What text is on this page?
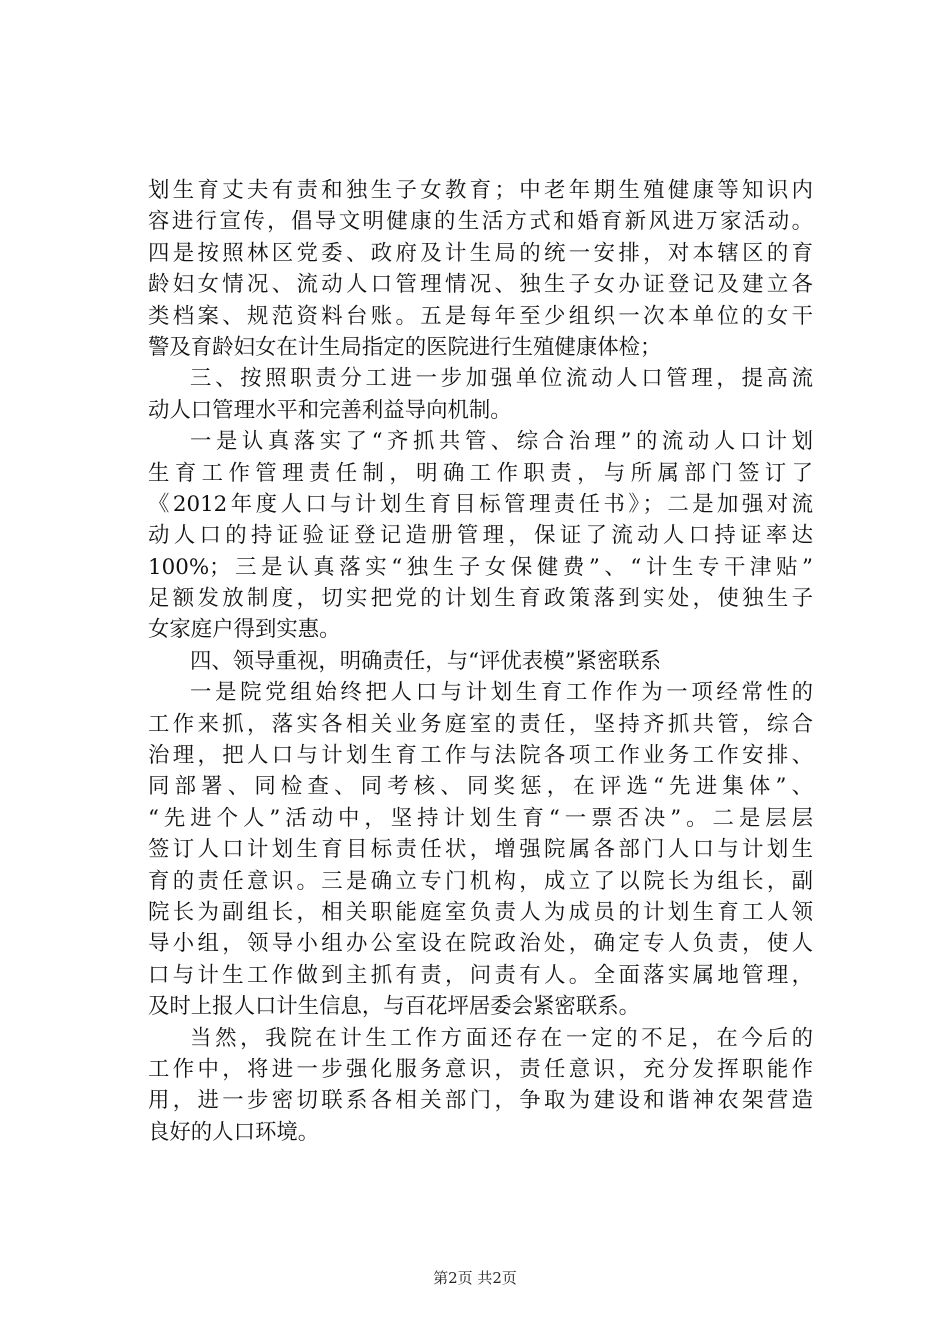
划生育丈夫有责和独生子女教育；中老年期生殖健康等知识内
容进行宣传，倡导文明健康的生活方式和婚育新风进万家活动。
四是按照林区党委、政府及计生局的统一安排，对本辖区的育
龄妇女情况、流动人口管理情况、独生子女办证登记及建立各
类档案、规范资料台账。五是每年至少组织一次本单位的女干
警及育龄妇女在计生局指定的医院进行生殖健康体检；
三、按照职责分工进一步加强单位流动人口管理，提高流
动人口管理水平和完善利益导向机制。
一是认真落实了“齐抓共管、综合治理”的流动人口计划
生育工作管理责任制，明确工作职责，与所属部门签订了
《2012年度人口与计划生育目标管理责任书》；二是加强对流
动人口的持证验证登记造册管理，保证了流动人口持证率达
100%；三是认真落实“独生子女保健费”、“计生专干津贴”
足额发放制度，切实把党的计划生育政策落到实处，使独生子
女家庭户得到实惠。
四、领导重视，明确责任，与“评优表模”紧密联系
一是院党组始终把人口与计划生育工作作为一项经常性的
工作来抓，落实各相关业务庭室的责任，坚持齐抓共管，综合
治理，把人口与计划生育工作与法院各项工作业务工作安排、
同部署、同检查、同考核、同奖惩，在评选“先进集体”、
“先进个人”活动中，坚持计划生育“一票否决”。二是层层
签订人口计划生育目标责任状，增强院属各部门人口与计划生
育的责任意识。三是确立专门机构，成立了以院长为组长，副
院长为副组长，相关职能庭室负责人为成员的计划生育工人领
导小组，领导小组办公室设在院政治处，确定专人负责，使人
口与计生工作做到主抓有责，问责有人。全面落实属地管理，
及时上报人口计生信息，与百花坪居委会紧密联系。
当然，我院在计生工作方面还存在一定的不足，在今后的
工作中，将进一步强化服务意识，责任意识，充分发挥职能作
用，进一步密切联系各相关部门，争取为建设和谐神农架营造
良好的人口环境。
第2页 共2页
